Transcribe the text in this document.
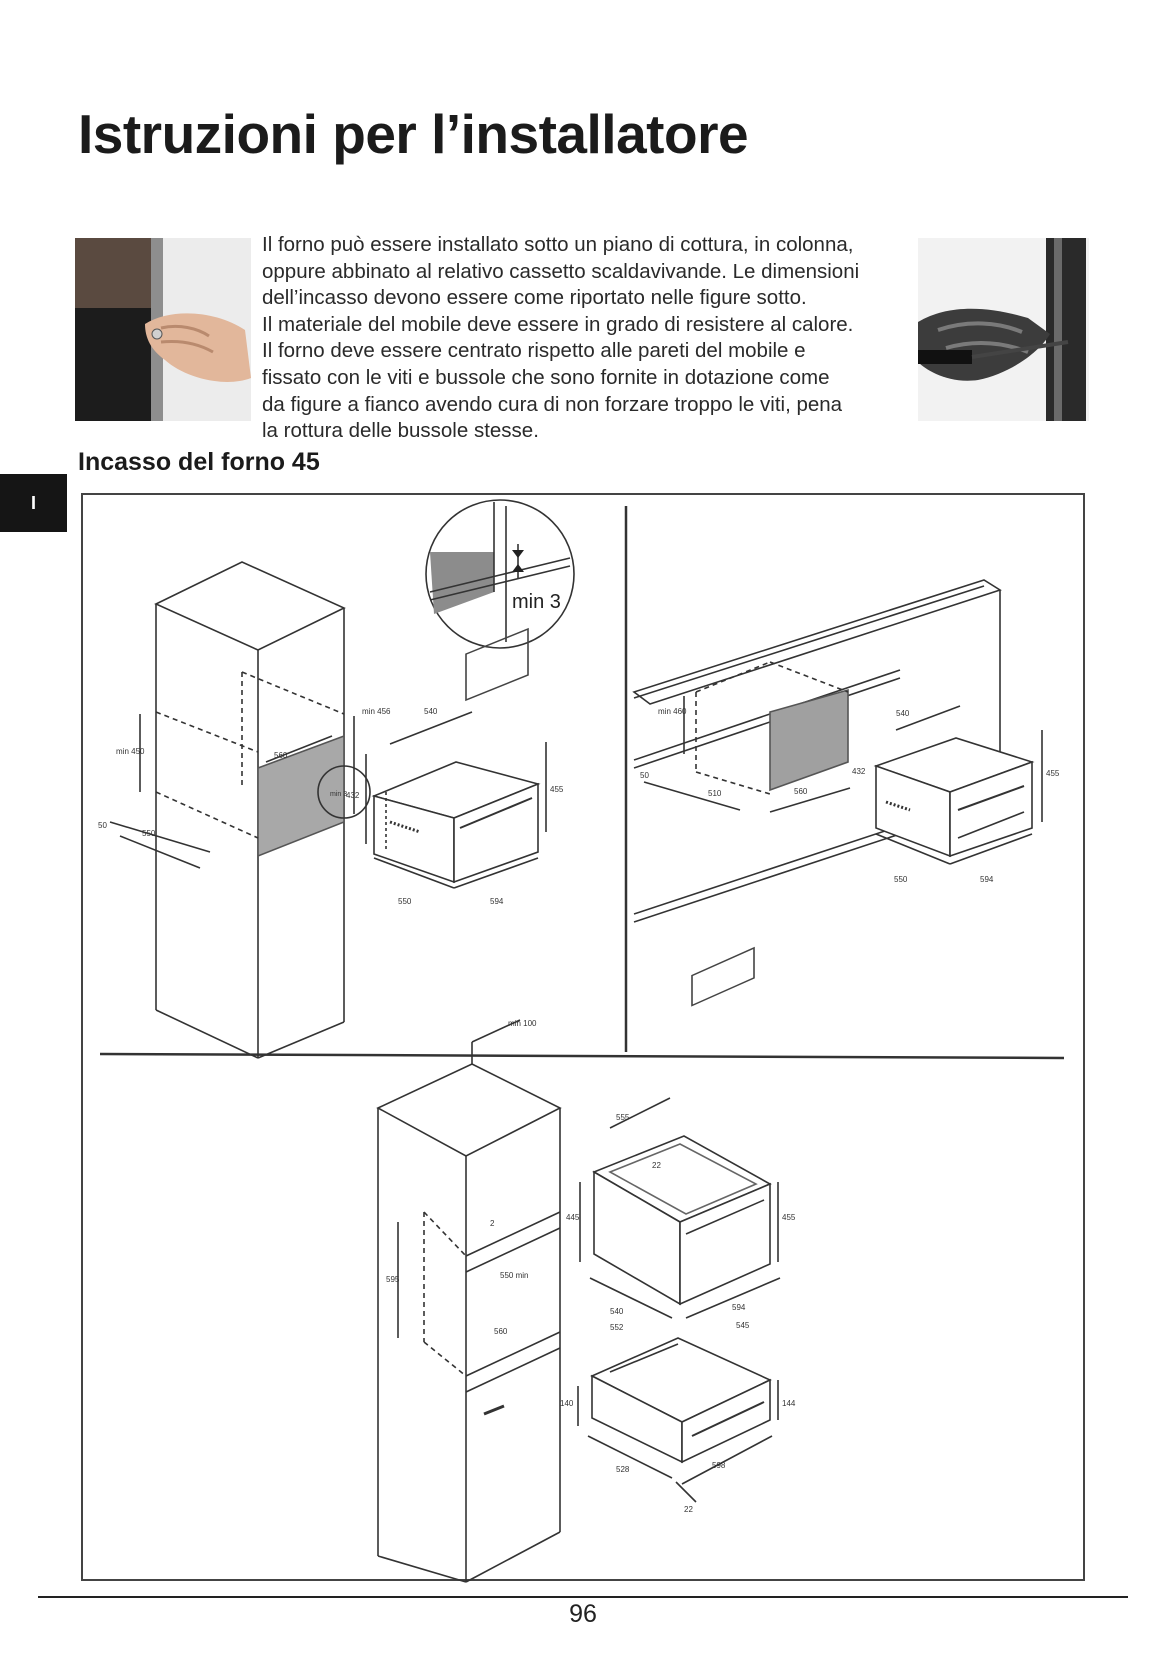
Istruzioni per l’installatore

Il forno può essere installato sotto un piano di cottura, in colonna,
oppure abbinato al relativo cassetto scaldavivande. Le dimensioni
dell’incasso devono essere come riportato nelle figure sotto.
Il materiale del mobile deve essere in grado di resistere al calore.
Il forno deve essere centrato rispetto alle pareti del mobile e
fissato con le viti e bussole che sono fornite in dotazione come
da figure a fianco avendo cura di non forzare troppo le viti, pena
la rottura delle bussole stesse.

Incasso del forno 45
I
min 450	560
min 456
min 3
50
550
min 3
540
432
455
550	594
min 460
50
510	560
432
540
455
550	594
min 100
595	550 min
560
2
555
22
445	455
540	594
552	545
140	144
528	598
22
96
